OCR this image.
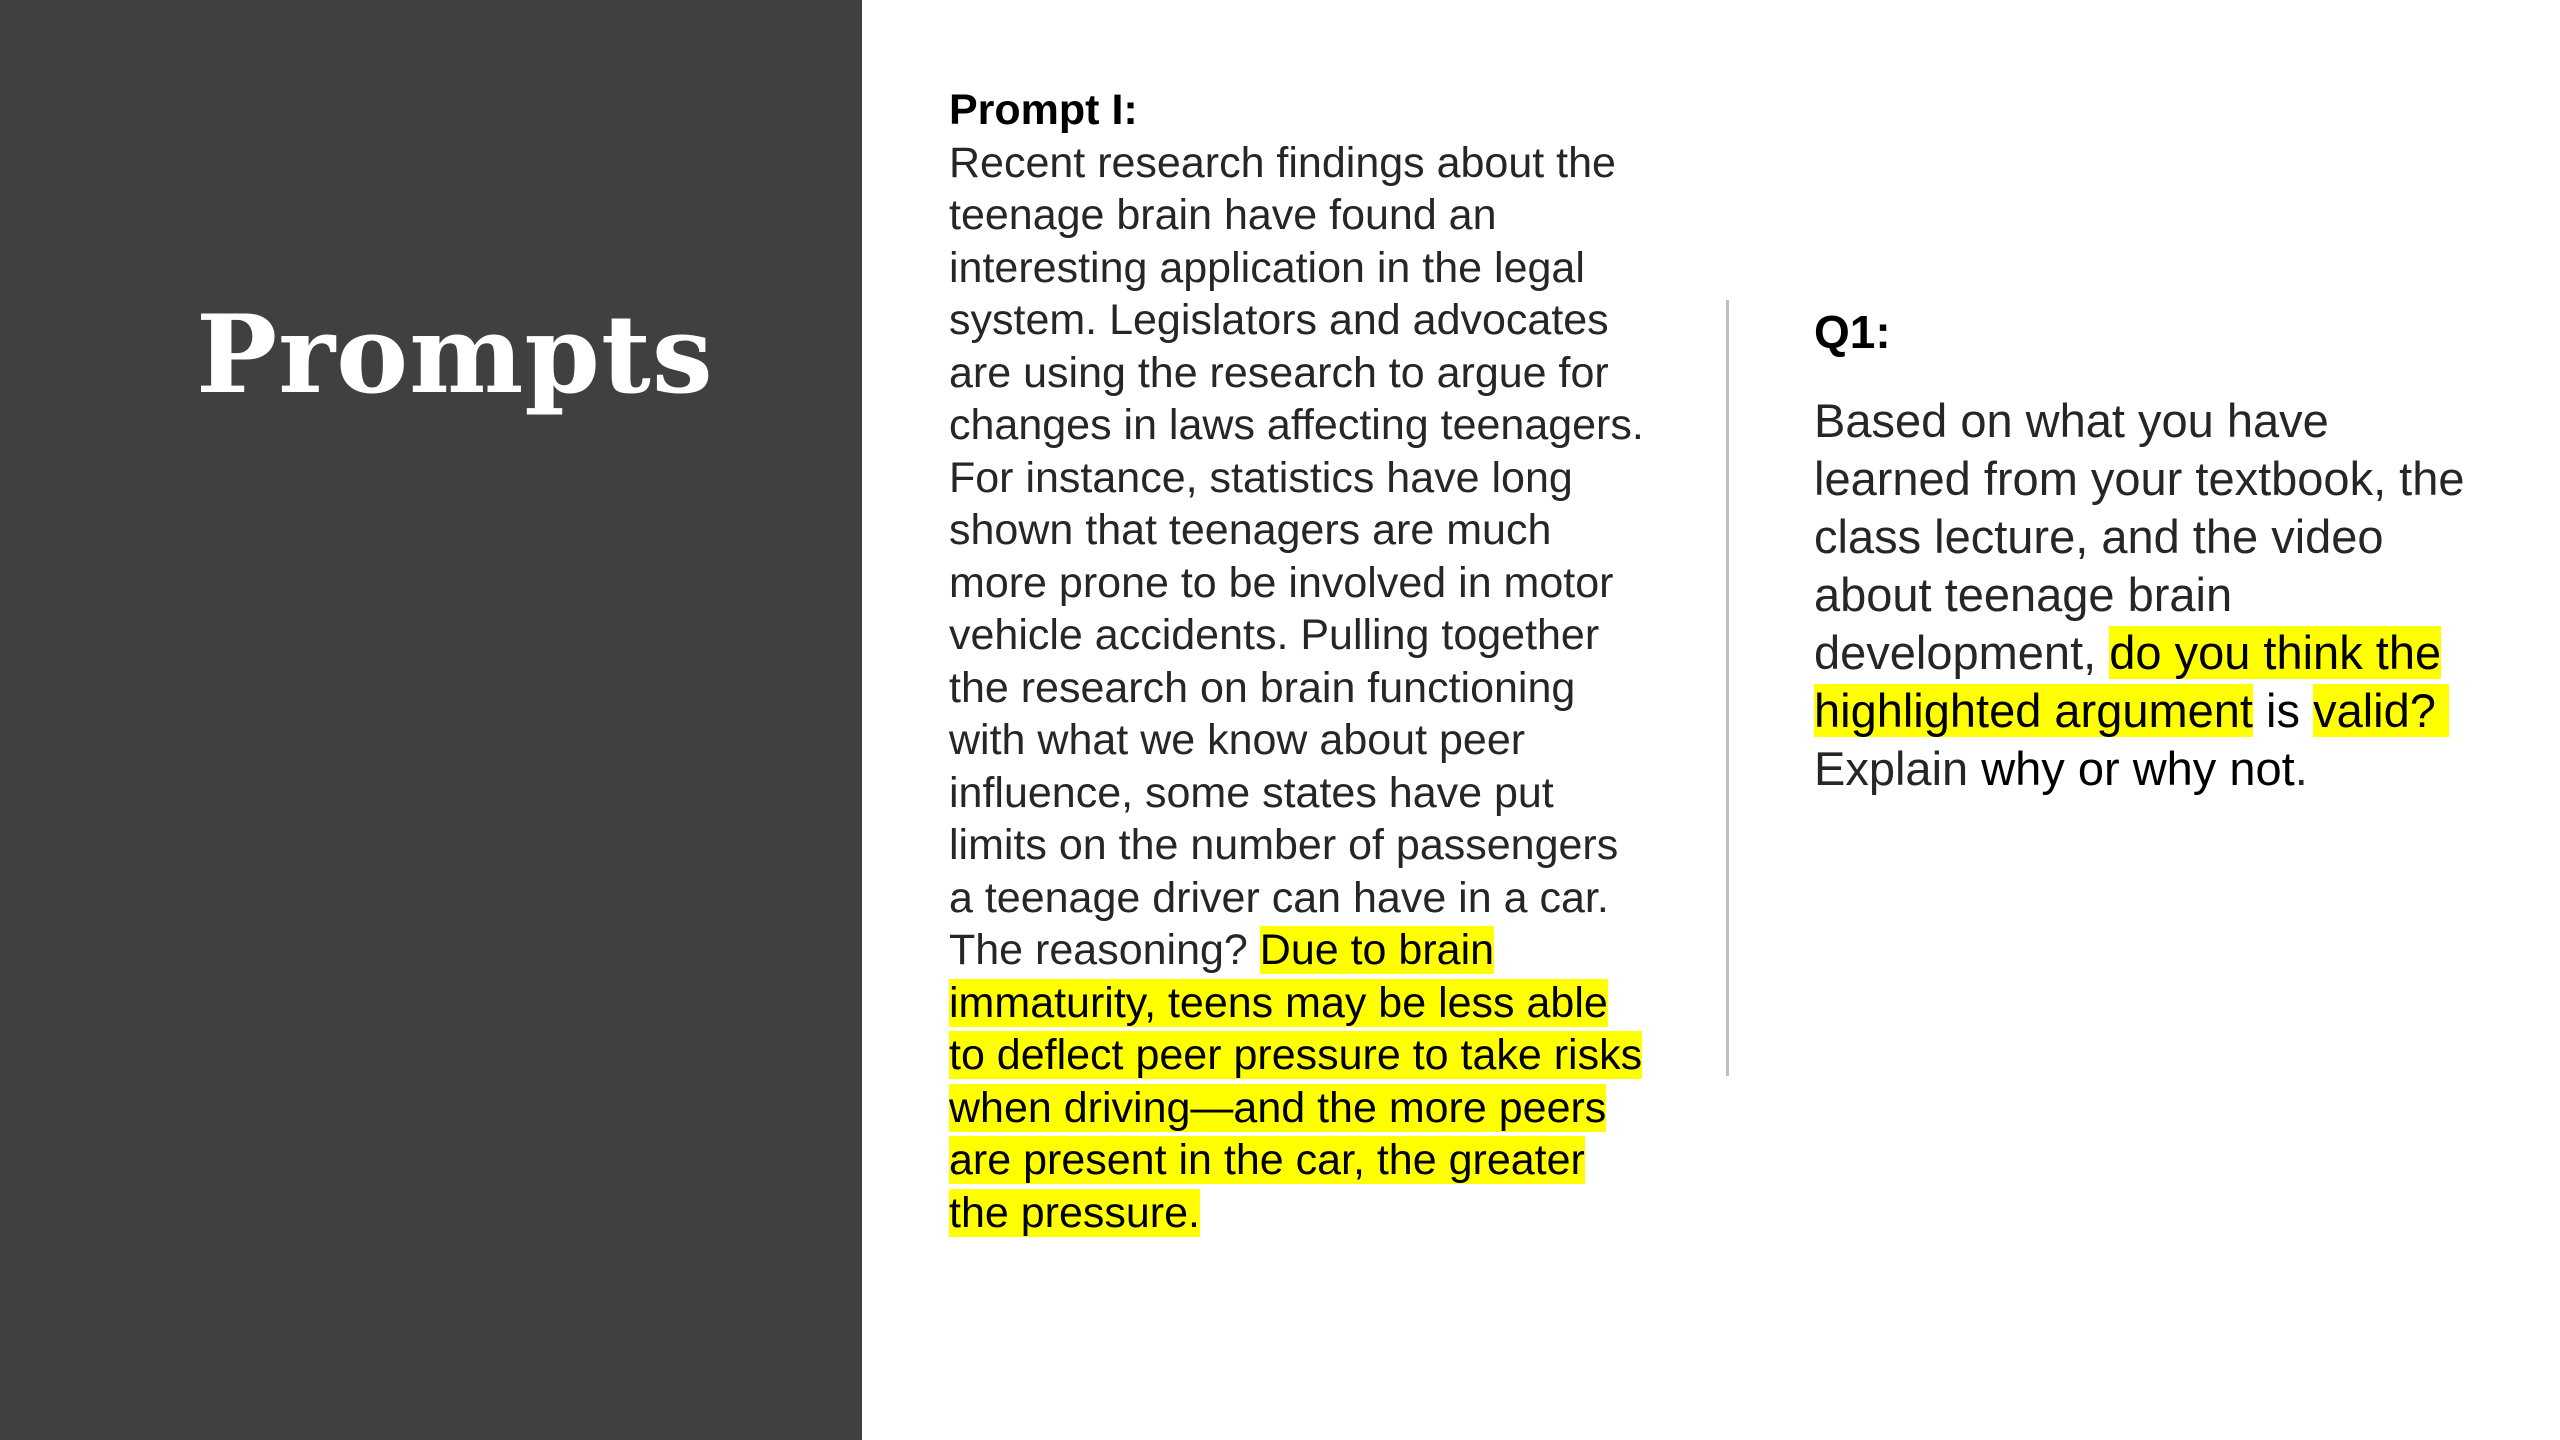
Prompts
Prompt I:
Recent research findings about the teenage brain have found an interesting application in the legal system. Legislators and advocates are using the research to argue for changes in laws affecting teenagers. For instance, statistics have long shown that teenagers are much more prone to be involved in motor vehicle accidents. Pulling together the research on brain functioning with what we know about peer influence, some states have put limits on the number of passengers a teenage driver can have in a car. The reasoning? Due to brain immaturity, teens may be less able to deflect peer pressure to take risks when driving—and the more peers are present in the car, the greater the pressure.
Q1:
Based on what you have learned from your textbook, the class lecture, and the video about teenage brain development, do you think the highlighted argument is valid?  Explain why or why not.
